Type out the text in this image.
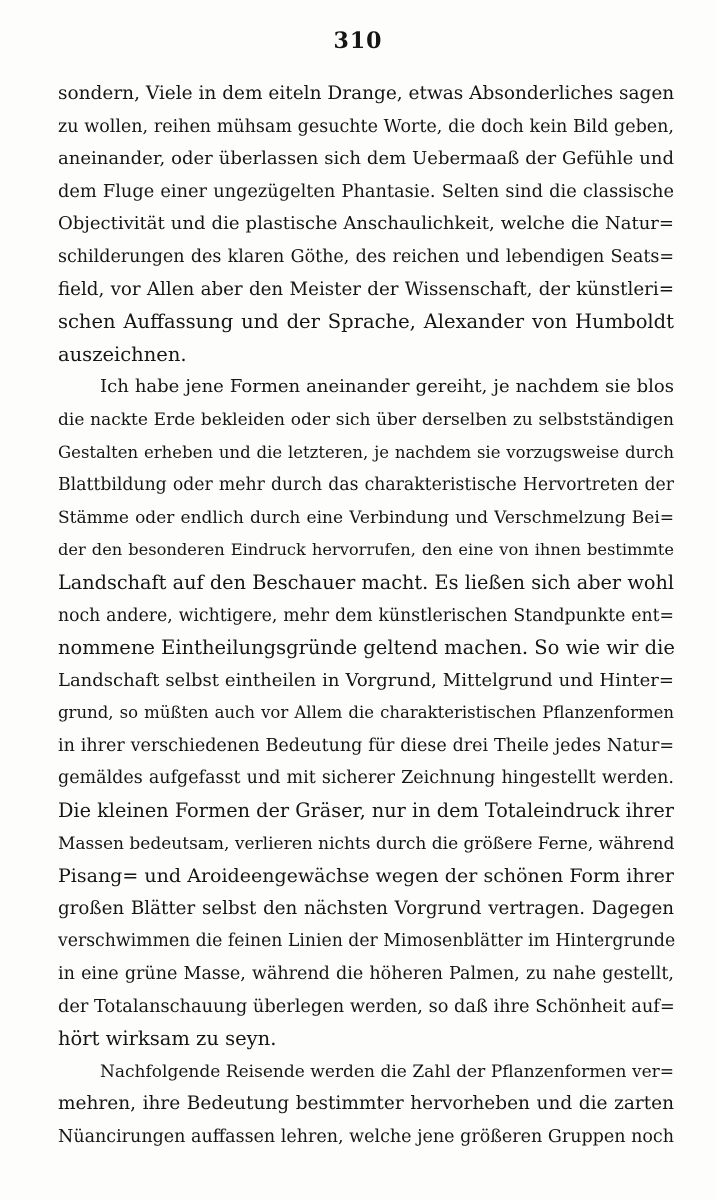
310
sondern, Viele in dem eiteln Drange, etwas Absonderliches sagen
zu wollen, reihen mühsam gesuchte Worte, die doch kein Bild geben,
aneinander, oder überlassen sich dem Uebermaaß der Gefühle und
dem Fluge einer ungezügelten Phantasie. Selten sind die classische
Objectivität und die plastische Anschaulichkeit, welche die Natur=
schilderungen des klaren Göthe, des reichen und lebendigen Seats=
field, vor Allen aber den Meister der Wissenschaft, der künstleri=
schen Auffassung und der Sprache, Alexander von Humboldt
auszeichnen.
Ich habe jene Formen aneinander gereiht, je nachdem sie blos
die nackte Erde bekleiden oder sich über derselben zu selbstständigen
Gestalten erheben und die letzteren, je nachdem sie vorzugsweise durch
Blattbildung oder mehr durch das charakteristische Hervortreten der
Stämme oder endlich durch eine Verbindung und Verschmelzung Bei=
der den besonderen Eindruck hervorrufen, den eine von ihnen bestimmte
Landschaft auf den Beschauer macht. Es ließen sich aber wohl
noch andere, wichtigere, mehr dem künstlerischen Standpunkte ent=
nommene Eintheilungsgründe geltend machen. So wie wir die
Landschaft selbst eintheilen in Vorgrund, Mittelgrund und Hinter=
grund, so müßten auch vor Allem die charakteristischen Pflanzenformen
in ihrer verschiedenen Bedeutung für diese drei Theile jedes Natur=
gemäldes aufgefasst und mit sicherer Zeichnung hingestellt werden.
Die kleinen Formen der Gräser, nur in dem Totaleindruck ihrer
Massen bedeutsam, verlieren nichts durch die größere Ferne, während
Pisang= und Aroideengewächse wegen der schönen Form ihrer
großen Blätter selbst den nächsten Vorgrund vertragen. Dagegen
verschwimmen die feinen Linien der Mimosenblätter im Hintergrunde
in eine grüne Masse, während die höheren Palmen, zu nahe gestellt,
der Totalanschauung überlegen werden, so daß ihre Schönheit auf=
hört wirksam zu seyn.
Nachfolgende Reisende werden die Zahl der Pflanzenformen ver=
mehren, ihre Bedeutung bestimmter hervorheben und die zarten
Nüancirungen auffassen lehren, welche jene größeren Gruppen noch
